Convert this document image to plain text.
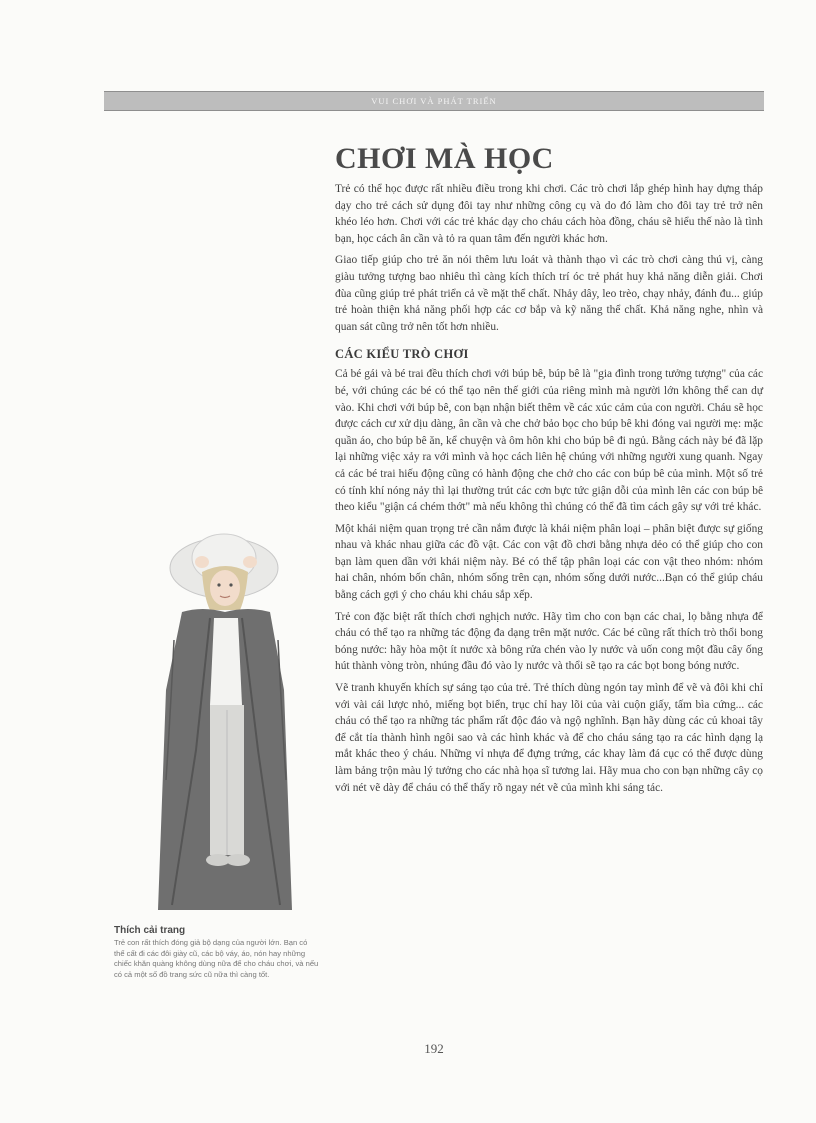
VUI CHƠI VÀ PHÁT TRIỂN
CHƠI MÀ HỌC

Trẻ có thể học được rất nhiều điều trong khi chơi. Các trò chơi lắp ghép hình hay dựng tháp dạy cho trẻ cách sử dụng đôi tay như những công cụ và do đó làm cho đôi tay trẻ trở nên khéo léo hơn. Chơi với các trẻ khác dạy cho cháu cách hòa đồng, cháu sẽ hiểu thế nào là tình bạn, học cách ân cần và tỏ ra quan tâm đến người khác hơn.

Giao tiếp giúp cho trẻ ăn nói thêm lưu loát và thành thạo vì các trò chơi càng thú vị, càng giàu tưởng tượng bao nhiêu thì càng kích thích trí óc trẻ phát huy khả năng diễn giải. Chơi đùa cũng giúp trẻ phát triển cả về mặt thể chất. Nhảy dây, leo trèo, chạy nhảy, đánh đu... giúp trẻ hoàn thiện khả năng phối hợp các cơ bắp và kỹ năng thể chất. Khả năng nghe, nhìn và quan sát cũng trở nên tốt hơn nhiều.

CÁC KIỂU TRÒ CHƠI

Cả bé gái và bé trai đều thích chơi với búp bê, búp bê là "gia đình trong tưởng tượng" của các bé, với chúng các bé có thể tạo nên thế giới của riêng mình mà người lớn không thể can dự vào. Khi chơi với búp bê, con bạn nhận biết thêm về các xúc cảm của con người. Cháu sẽ học được cách cư xử dịu dàng, ân cần và che chở bảo bọc cho búp bê khi đóng vai người mẹ: mặc quần áo, cho búp bê ăn, kể chuyện và ôm hôn khi cho búp bê đi ngủ. Bằng cách này bé đã lặp lại những việc xảy ra với mình và học cách liên hệ chúng với những người xung quanh. Ngay cả các bé trai hiếu động cũng có hành động che chở cho các con búp bê của mình. Một số trẻ có tính khí nóng nảy thì lại thường trút các cơn bực tức giận dỗi của mình lên các con búp bê theo kiểu "giận cá chém thớt" mà nếu không thì chúng có thể đã tìm cách gây sự với trẻ khác.

Một khái niệm quan trọng trẻ cần nắm được là khái niệm phân loại – phân biệt được sự giống nhau và khác nhau giữa các đồ vật. Các con vật đồ chơi bằng nhựa dẻo có thể giúp cho con bạn làm quen dần với khái niệm này. Bé có thể tập phân loại các con vật theo nhóm: nhóm hai chân, nhóm bốn chân, nhóm sống trên cạn, nhóm sống dưới nước...Bạn có thể giúp cháu bằng cách gợi ý cho cháu khi cháu sắp xếp.

Trẻ con đặc biệt rất thích chơi nghịch nước. Hãy tìm cho con bạn các chai, lọ bằng nhựa để cháu có thể tạo ra những tác động đa dạng trên mặt nước. Các bé cũng rất thích trò thổi bong bóng nước: hãy hòa một ít nước xà bông rửa chén vào ly nước và uốn cong một đầu cây ống hút thành vòng tròn, nhúng đầu đó vào ly nước và thổi sẽ tạo ra các bọt bong bóng nước.

Vẽ tranh khuyến khích sự sáng tạo của trẻ. Trẻ thích dùng ngón tay mình để vẽ và đôi khi chỉ với vài cái lược nhỏ, miếng bọt biển, trục chỉ hay lõi của vài cuộn giấy, tấm bìa cứng... các cháu có thể tạo ra những tác phẩm rất độc đáo và ngộ nghĩnh. Bạn hãy dùng các củ khoai tây để cắt tỉa thành hình ngôi sao và các hình khác và để cho cháu sáng tạo ra các hình dạng lạ mắt khác theo ý cháu. Những vỉ nhựa để đựng trứng, các khay làm đá cục có thể được dùng làm bảng trộn màu lý tưởng cho các nhà họa sĩ tương lai. Hãy mua cho con bạn những cây cọ với nét vẽ dày để cháu có thể thấy rõ ngay nét vẽ của mình khi sáng tác.

Thích cải trang

Trẻ con rất thích đóng giả bộ dạng của người lớn. Bạn có thể cất đi các đôi giày cũ, các bộ váy, áo, nón hay những chiếc khăn quàng không dùng nữa để cho cháu chơi, và nếu có cả một số đồ trang sức cũ nữa thì càng tốt.

192
